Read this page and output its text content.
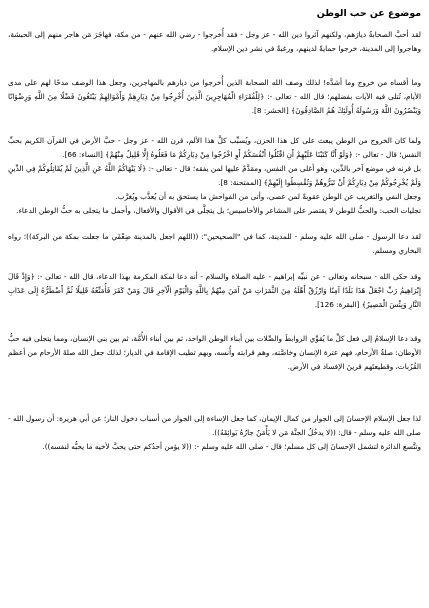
موضوع عن حب الوطن

لقد أحبَّ الصحابةُ ديارَهم، ولكنهم آثروا دين الله - عز وجل - فقد أُخرجوا - رضي الله عنهم - من مكة، فهاجَرَ مَن هاجر منهم إلى الحبشة، وهاجروا إلى المدينة، خرجوا حمايةً لدينهم، ورغبةً في نشر دين الإسلام.

وما أقساه من خروج وما أشدَّه! لذلك وصف الله الصحابة الذين أُخرجوا من ديارهم بالمهاجرين، وجعل هذا الوصف مدحًا لهم على مدى الأيام، تُتلى فيه الآيات بفضلهم؛ قال الله - تعالى -: ﴿لِلْفُقَرَاءِ الْمُهَاجِرِينَ الَّذِينَ أُخْرِجُوا مِنْ دِيَارِهِمْ وَأَمْوَالِهِمْ يَبْتَغُونَ فَضْلًا مِنَ اللَّهِ وَرِضْوَانًا وَيَنْصُرُونَ اللَّهَ وَرَسُولَهُ أُولَئِكَ هُمُ الصَّادِقُونَ﴾ [الحشر: 8].

ولما كان الخروج من الوطن يبعث على كل هذا الحزن، ويُسبِّب كلَّ هذا الألم، قرن الله - عز وجل - حبَّ الأرض في القرآن الكريم بحبِّ النفس؛ قال - تعالى -: ﴿وَلَوْ أَنَّا كَتَبْنَا عَلَيْهِمْ أَنِ اقْتُلُوا أَنْفُسَكُمْ أَوِ اخْرُجُوا مِنْ دِيَارِكُمْ مَا فَعَلُوهُ إِلَّا قَلِيلٌ مِنْهُمْ﴾ [النساء: 66].

بل قرنه في موضع آخر بالدِّين، وهو أغلى من النفس، ومقدَّمٌ عليها لمن يفقه؛ قال - تعالى -: ﴿لَا يَنْهَاكُمُ اللَّهُ عَنِ الَّذِينَ لَمْ يُقَاتِلُوكُمْ فِي الدِّينِ وَلَمْ يُخْرِجُوكُمْ مِنْ دِيَارِكُمْ أَنْ تَبَرُّوهُمْ وَتُقْسِطُوا إِلَيْهِمْ﴾ [الممتحنة: 8].

وجعل النفي والتغريب عن الوطن عقوبةً لمن عصى، وأتى من الفواحش ما يستحق به أن يُعذَّب ويُغرَّب.

تجليات الحب: والحبُّ للوطن لا يقتصر على المشاعر والأحاسيس؛ بل يتجلَّى في الأقوال والأفعال، وأجمل ما يتجلى به حبُّ الوطن الدعاء.

لقد دعا الرسول - صلى الله عليه وسلم - للمدينة، كما في "الصحيحين": ((اللهم اجعل بالمدينة ضِعْفَي ما جعلت بمكة من البركة))؛ رواه البخاري ومسلم.

وقد حكى الله - سبحانه وتعالى - عن نبيِّه إبراهيم - عليه الصلاة والسلام - أنه دعا لمكة المكرمة بهذا الدعاء، قال الله - تعالى -: ﴿وَإِذْ قَالَ إِبْرَاهِيمُ رَبِّ اجْعَلْ هَذَا بَلَدًا آمِنًا وَارْزُقْ أَهْلَهُ مِنَ الثَّمَرَاتِ مَنْ آمَنَ مِنْهُمْ بِاللَّهِ وَالْيَوْمِ الْآخِرِ قَالَ وَمَنْ كَفَرَ فَأُمَتِّعُهُ قَلِيلًا ثُمَّ أَضْطَرُّهُ إِلَى عَذَابِ النَّارِ وَبِئْسَ الْمَصِيرُ﴾ [البقرة: 126].

وقد دعا الإسلامُ إلى فعل كلِّ ما يُقوِّي الروابطَ والصِّلات بين أبناء الوطن الواحد، ثم بين أبناء الأُمَّة، ثم بين بني الإنسان، ومما يتجلى فيه حبُّ الأوطان: صلةُ الأرحام، فهم عترة الإنسان وخاصَّته، وهم قرابته وأُنسه، وبهم تطيب الإقامة في الديار؛ لذلك جعل الله صلةَ الأرحام من أعظم القُرُبات، وقطيعتَهم قرينَ الإفساد في الأرض.

لذا جعل الإسلام الإحسانَ إلى الجوار من كمال الإيمان، كما جعل الإساءة إلى الجوار من أسباب دخول النار؛ عن أبي هريرة: أن رسول الله - صلى الله عليه وسلم - قال: ((لا يدخُلُ الجنَّة مَن لا يَأْمَنُ جارُهُ بَوائِقَهُ)).

وتتَّسع الدائرة لتشمل الإحسانَ إلى كل مسلم؛ قال - صلى الله عليه وسلم -: ((لا يؤمن أحدُكم حتى يحبَّ لأخيه ما يحبُّه لنفسه)).
